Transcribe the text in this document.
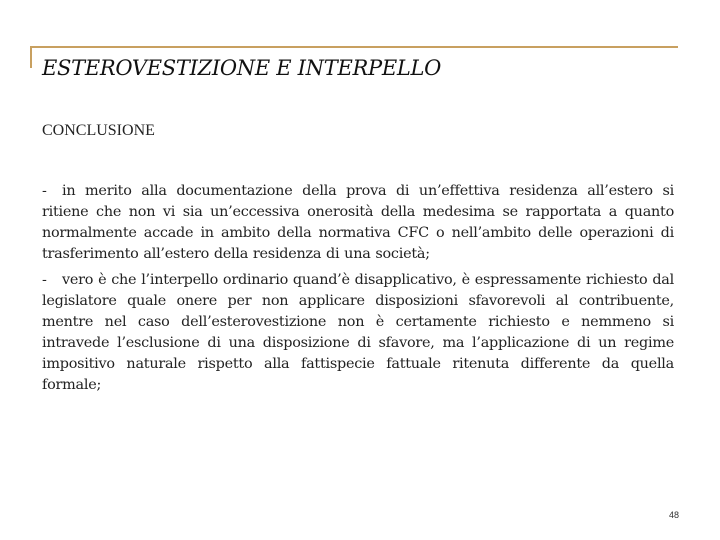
ESTEROVESTIZIONE E INTERPELLO
CONCLUSIONE

- in merito alla documentazione della prova di un’effettiva residenza all’estero si ritiene che non vi sia un’eccessiva onerosità della medesima se rapportata a quanto normalmente accade in ambito della normativa CFC o nell’ambito delle operazioni di trasferimento all’estero della residenza di una società;

- vero è che l’interpello ordinario quand’è disapplicativo, è espressamente richiesto dal legislatore quale onere per non applicare disposizioni sfavorevoli al contribuente, mentre nel caso dell’esterovestizione non è certamente richiesto e nemmeno si intravede l’esclusione di una disposizione di sfavore, ma l’applicazione di un regime impositivo naturale rispetto alla fattispecie fattuale ritenuta differente da quella formale;

48
